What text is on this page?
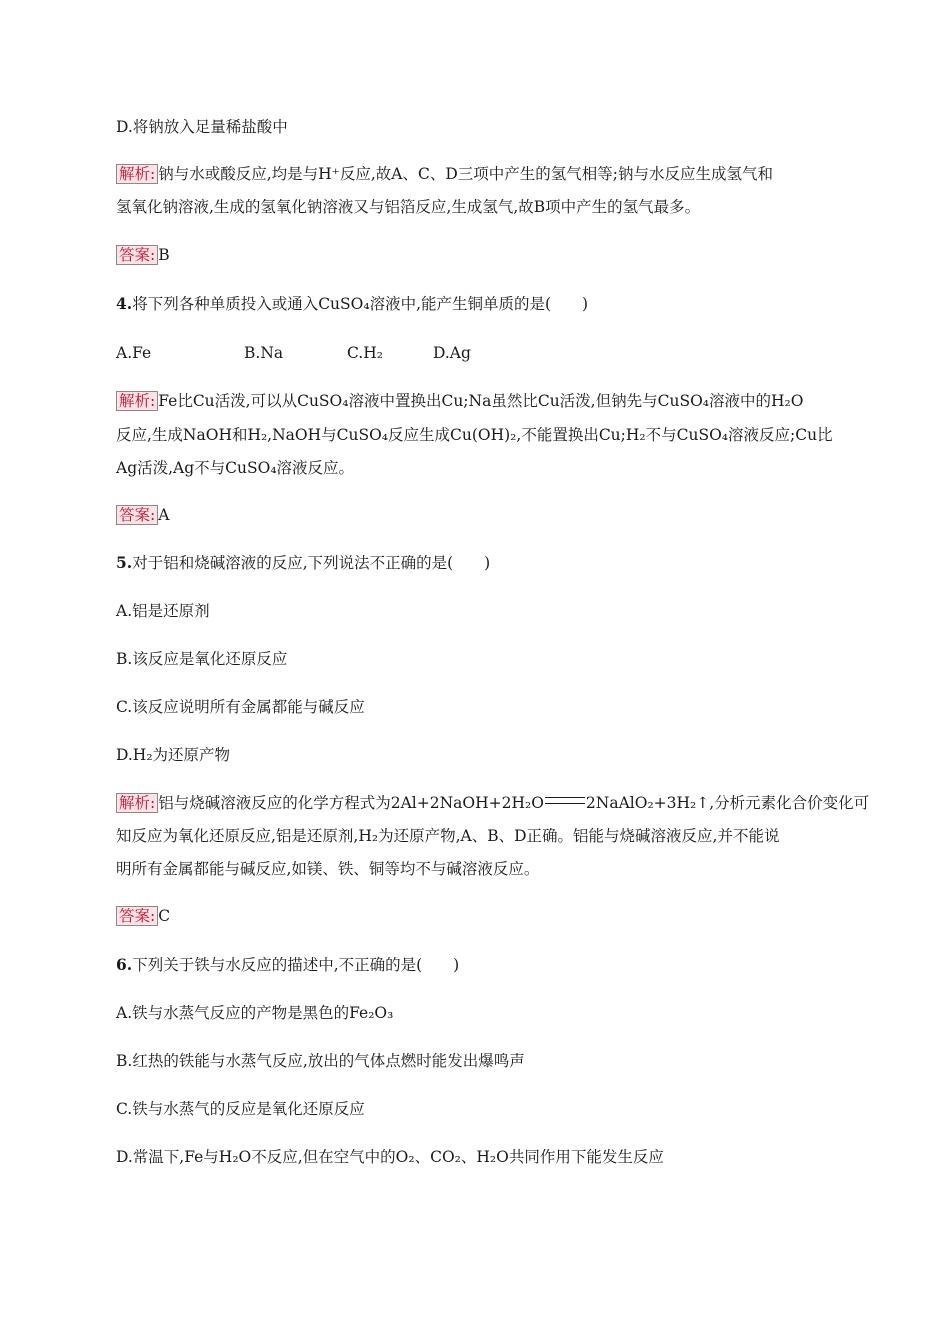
D.将钠放入足量稀盐酸中
解析: 钠与水或酸反应,均是与H⁺反应,故A、C、D三项中产生的氢气相等;钠与水反应生成氢气和
氢氧化钠溶液,生成的氢氧化钠溶液又与铝箔反应,生成氢气,故B项中产生的氢气最多。
答案: B
4.将下列各种单质投入或通入CuSO₄溶液中,能产生铜单质的是(　　)
A.Fe	B.Na	C.H₂	D.Ag
解析: Fe比Cu活泼,可以从CuSO₄溶液中置换出Cu;Na虽然比Cu活泼,但钠先与CuSO₄溶液中的H₂O
反应,生成NaOH和H₂,NaOH与CuSO₄反应生成Cu(OH)₂,不能置换出Cu;H₂不与CuSO₄溶液反应;Cu比
Ag活泼,Ag不与CuSO₄溶液反应。
答案: A
5.对于铝和烧碱溶液的反应,下列说法不正确的是(　　)
A.铝是还原剂
B.该反应是氧化还原反应
C.该反应说明所有金属都能与碱反应
D.H₂为还原产物
解析: 铝与烧碱溶液反应的化学方程式为2Al+2NaOH+2H₂O	2NaAlO₂+3H₂↑,分析元素化合价变化可
知反应为氧化还原反应,铝是还原剂,H₂为还原产物,A、B、D正确。铝能与烧碱溶液反应,并不能说
明所有金属都能与碱反应,如镁、铁、铜等均不与碱溶液反应。
答案: C
6.下列关于铁与水反应的描述中,不正确的是(　　)
A.铁与水蒸气反应的产物是黑色的Fe₂O₃
B.红热的铁能与水蒸气反应,放出的气体点燃时能发出爆鸣声
C.铁与水蒸气的反应是氧化还原反应
D.常温下,Fe与H₂O不反应,但在空气中的O₂、CO₂、H₂O共同作用下能发生反应
